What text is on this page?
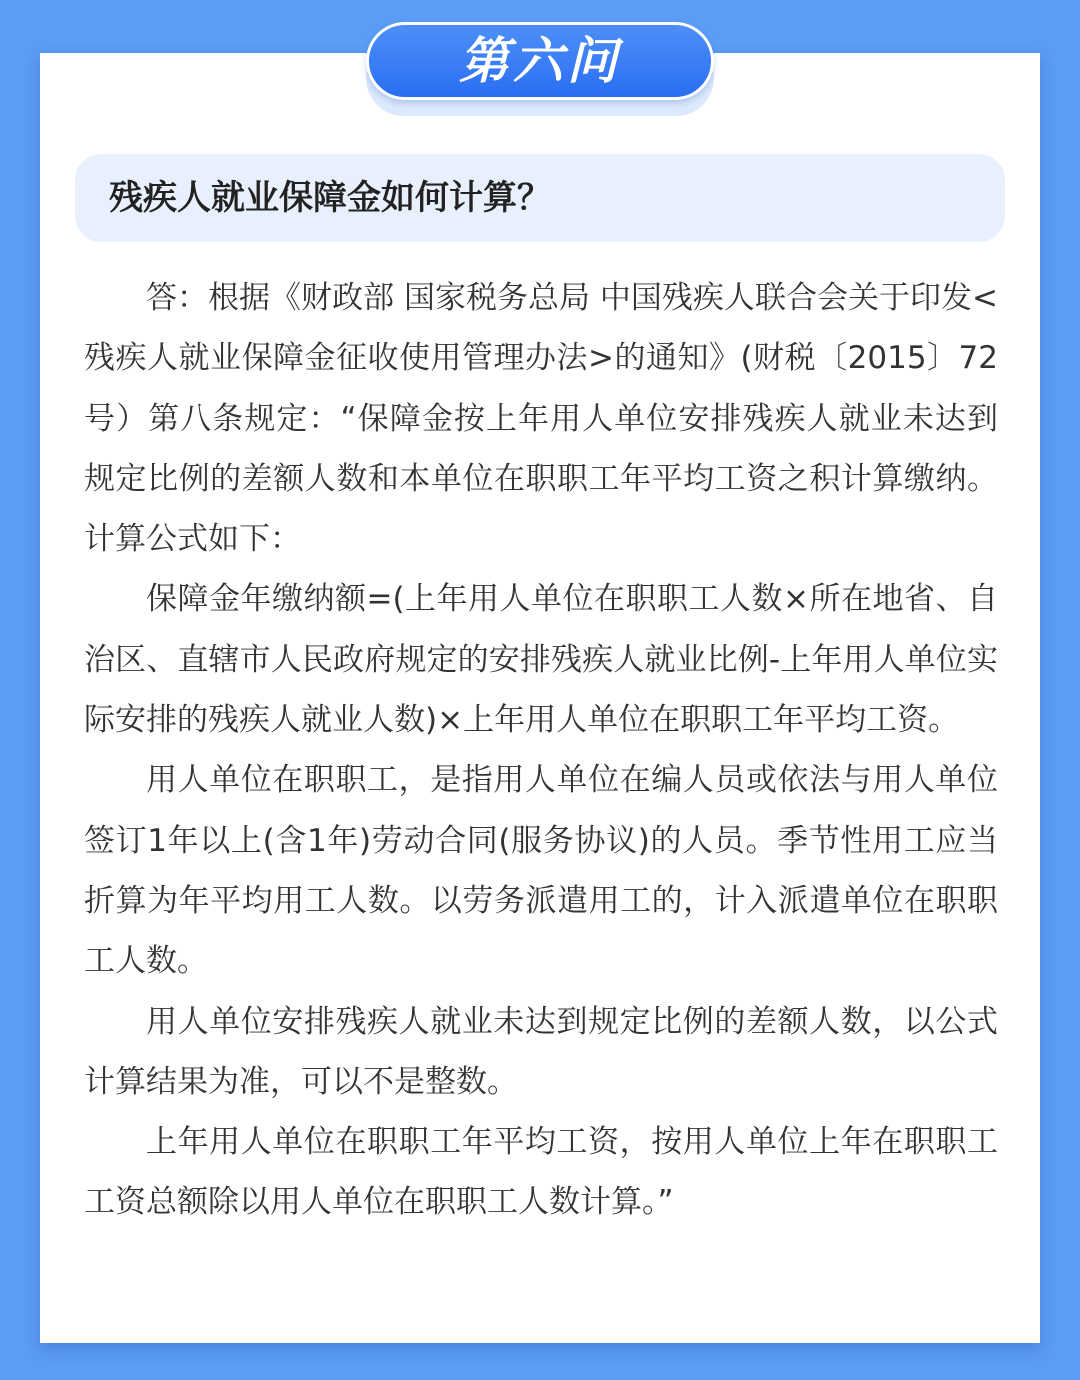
第六问
残疾人就业保障金如何计算？

答：根据《财政部 国家税务总局 中国残疾人联合会关于印发<残疾人就业保障金征收使用管理办法>的通知》(财税〔2015〕72号）第八条规定：“保障金按上年用人单位安排残疾人就业未达到规定比例的差额人数和本单位在职职工年平均工资之积计算缴纳。计算公式如下：

保障金年缴纳额=(上年用人单位在职职工人数×所在地省、自治区、直辖市人民政府规定的安排残疾人就业比例-上年用人单位实际安排的残疾人就业人数)×上年用人单位在职职工年平均工资。

用人单位在职职工，是指用人单位在编人员或依法与用人单位签订1年以上(含1年)劳动合同(服务协议)的人员。季节性用工应当折算为年平均用工人数。以劳务派遣用工的，计入派遣单位在职职工人数。

用人单位安排残疾人就业未达到规定比例的差额人数，以公式计算结果为准，可以不是整数。

上年用人单位在职职工年平均工资，按用人单位上年在职职工工资总额除以用人单位在职职工人数计算。”
